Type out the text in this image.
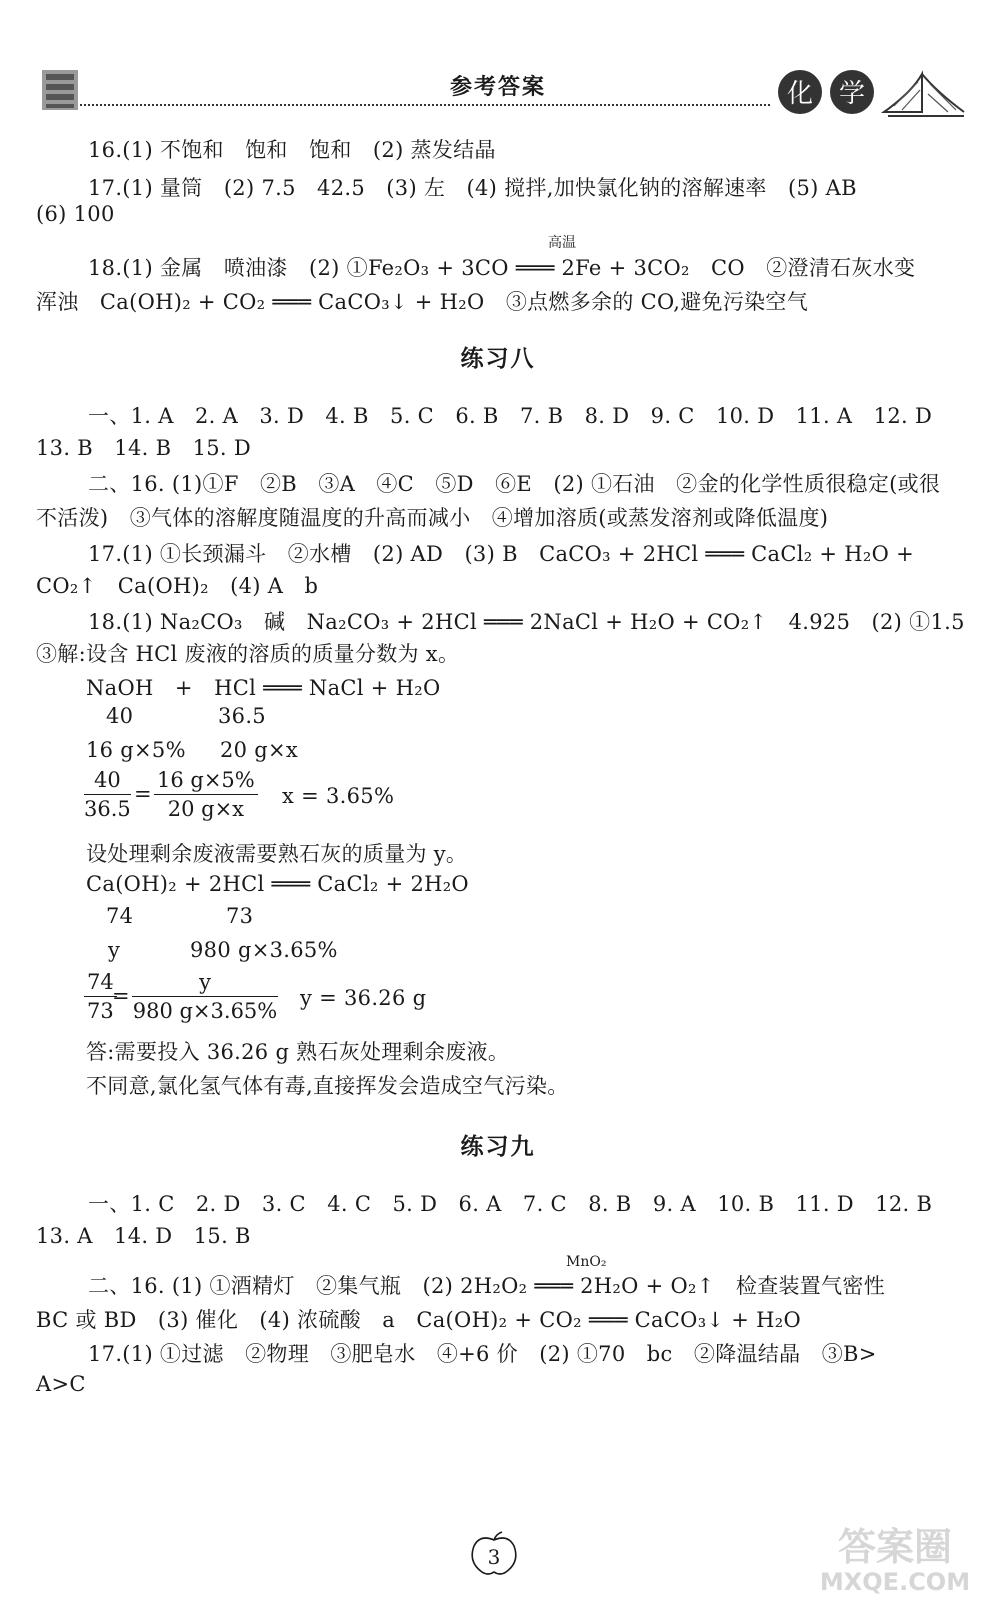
参考答案	化 学
16.(1) 不饱和　饱和　饱和　(2) 蒸发结晶
17.(1) 量筒　(2) 7.5　42.5　(3) 左　(4) 搅拌,加快氯化钠的溶解速率　(5) AB
(6) 100
高温
18.(1) 金属　喷油漆　(2) ①Fe₂O₃ + 3CO ═══ 2Fe + 3CO₂　CO　②澄清石灰水变
浑浊　Ca(OH)₂ + CO₂ ═══ CaCO₃↓ + H₂O　③点燃多余的 CO,避免污染空气
练习八
一、1. A　2. A　3. D　4. B　5. C　6. B　7. B　8. D　9. C　10. D　11. A　12. D
13. B　14. B　15. D
二、16. (1)①F　②B　③A　④C　⑤D　⑥E　(2) ①石油　②金的化学性质很稳定(或很
不活泼)　③气体的溶解度随温度的升高而减小　④增加溶质(或蒸发溶剂或降低温度)
17.(1) ①长颈漏斗　②水槽　(2) AD　(3) B　CaCO₃ + 2HCl ═══ CaCl₂ + H₂O +
CO₂↑　Ca(OH)₂　(4) A　b
18.(1) Na₂CO₃　碱　Na₂CO₃ + 2HCl ═══ 2NaCl + H₂O + CO₂↑　4.925　(2) ①1.5
③解:设含 HCl 废液的溶质的质量分数为 x。
NaOH　+　HCl ═══ NaCl + H₂O
40	36.5
16 g×5% 20 g×x
$\frac{40}{36.5} = \frac{16 g\times 5\%}{20 g\times x}$ x = 3.65%
设处理剩余废液需要熟石灰的质量为 y。
Ca(OH)₂ + 2HCl ═══ CaCl₂ + 2H₂O
74	73
y	980 g×3.65%
$\frac{74}{73}$
= $\frac{y}{980 g\times 3.65\%}$ y = 36.26 g
答:需要投入 36.26 g 熟石灰处理剩余废液。
不同意,氯化氢气体有毒,直接挥发会造成空气污染。
练习九
一、1. C　2. D　3. C　4. C　5. D　6. A　7. C　8. B　9. A　10. B　11. D　12. B
13. A　14. D　15. B
MnO₂
二、16. (1) ①酒精灯　②集气瓶　(2) 2H₂O₂ ═══ 2H₂O + O₂↑　检查装置气密性
BC 或 BD　(3) 催化　(4) 浓硫酸　a　Ca(OH)₂ + CO₂ ═══ CaCO₃↓ + H₂O
17.(1) ①过滤　②物理　③肥皂水　④+6 价　(2) ①70　bc　②降温结晶　③B>
A>C
3	答案圈
MXQE.COM
